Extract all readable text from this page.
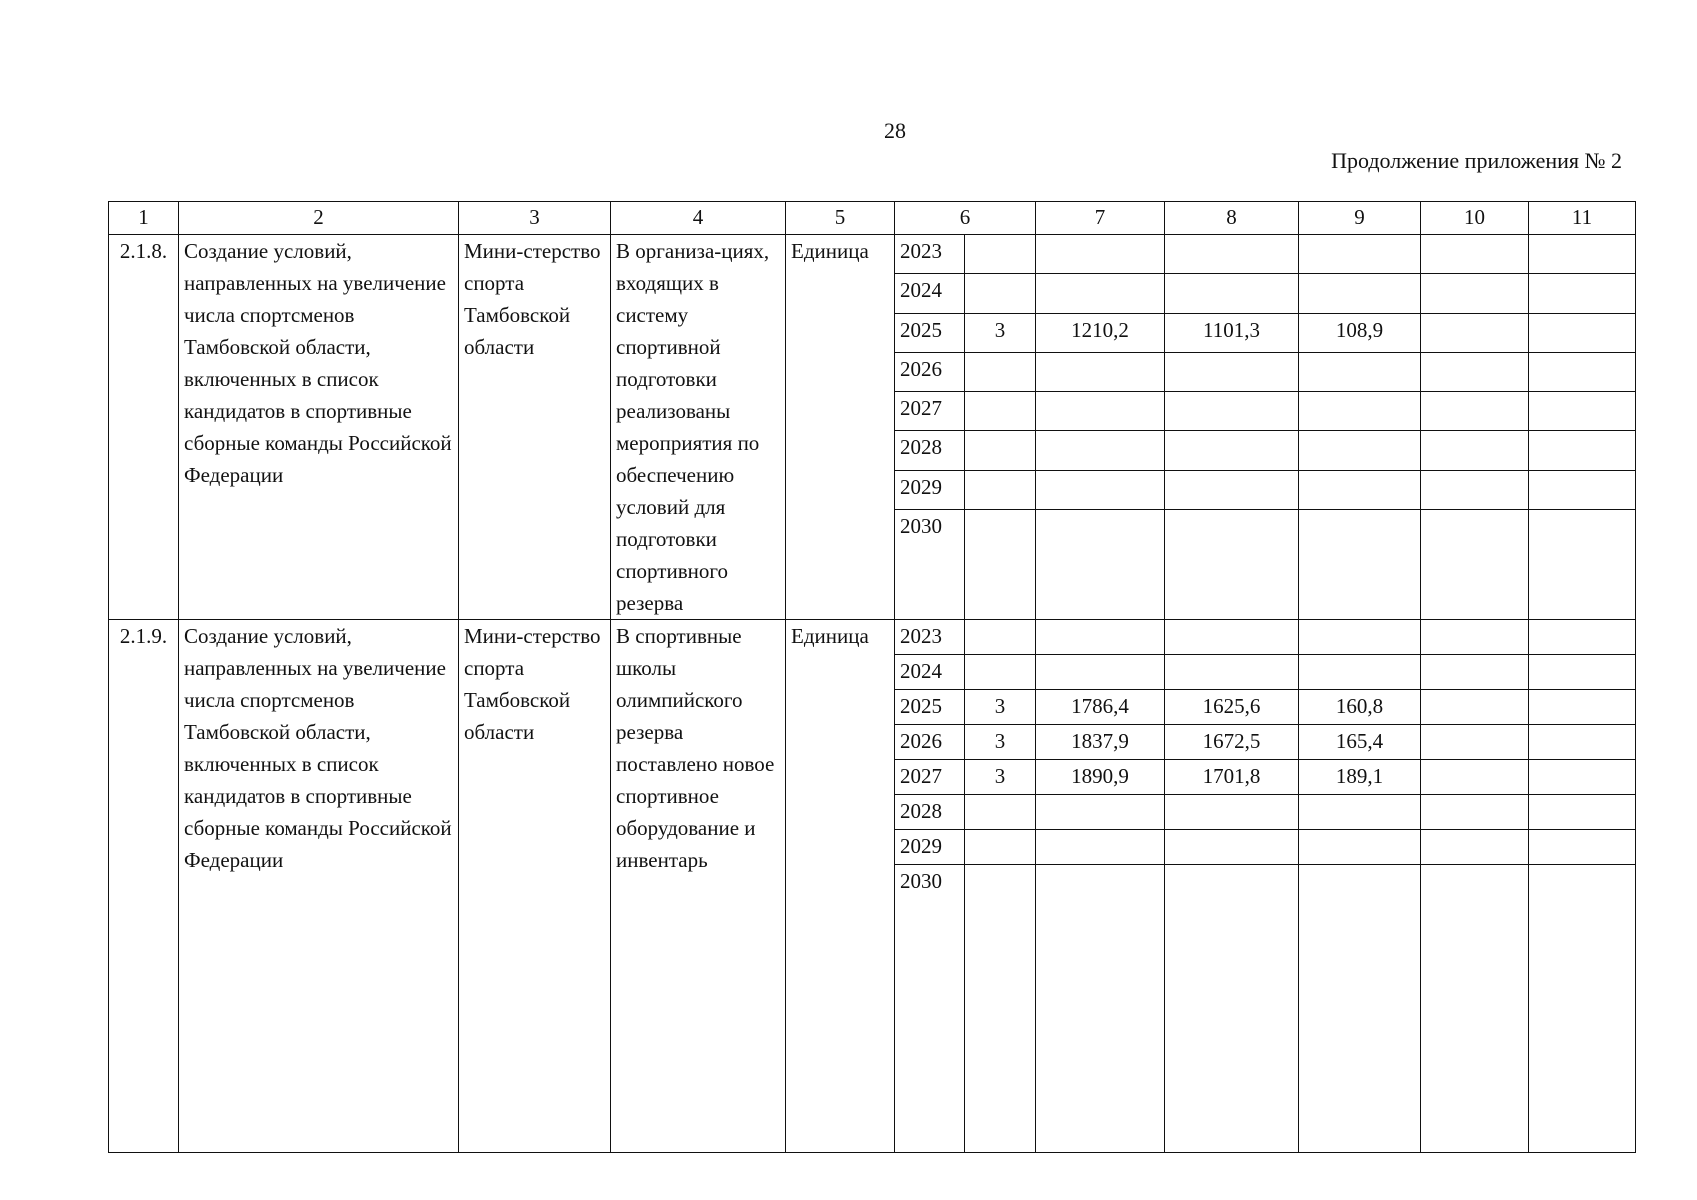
28
Продолжение приложения № 2
1	2	3	4	5	6		7	8	9	10	11
2.1.8.	Создание условий, направленных на увеличение числа спортсменов Тамбовской области, включенных в список кандидатов в спортивные сборные команды Российской Федерации	Мини-стерство спорта Тамбовской области	В организа-циях, входящих в систему спортивной подготовки реализованы мероприятия по обеспечению условий для подготовки спортивного резерва	Единица	2023						
					2024						
					2025	3	1210,2	1101,3	108,9		
					2026						
					2027						
					2028						
					2029						
					2030						
2.1.9.	Создание условий, направленных на увеличение числа спортсменов Тамбовской области, включенных в список кандидатов в спортивные сборные команды Российской Федерации	Мини-стерство спорта Тамбовской области	В спортивные школы олимпийского резерва поставлено новое спортивное оборудование и инвентарь	Единица	2023						
					2024						
					2025	3	1786,4	1625,6	160,8		
					2026	3	1837,9	1672,5	165,4		
					2027	3	1890,9	1701,8	189,1		
					2028						
					2029						
					2030						
